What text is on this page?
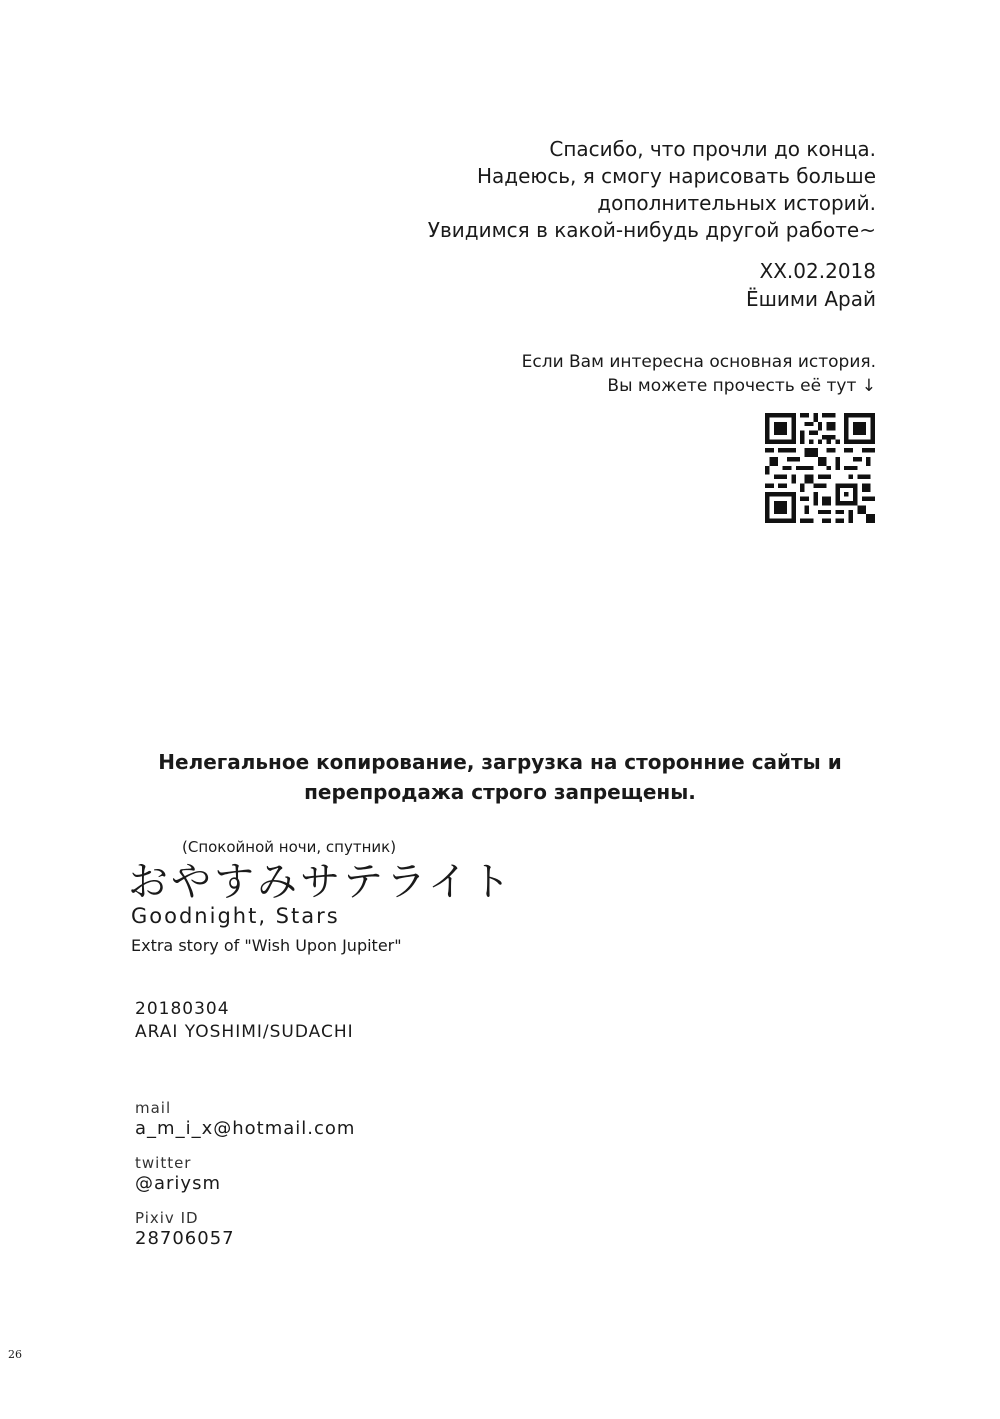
Спасибо, что прочли до конца.
Надеюсь, я смогу нарисовать больше
дополнительных историй.
Увидимся в какой-нибудь другой работе~
XX.02.2018
Ёшими Арай
Если Вам интересна основная история.
Вы можете прочесть её тут ↓
Нелегальное копирование, загрузка на сторонние сайты и
перепродажа строго запрещены.
(Спокойной ночи, спутник)
おやすみサテライト
Goodnight, Stars
Extra story of "Wish Upon Jupiter"
20180304
ARAI YOSHIMI/SUDACHI
mail
a_m_i_x@hotmail.com
twitter
@ariysm
Pixiv ID
28706057
26
